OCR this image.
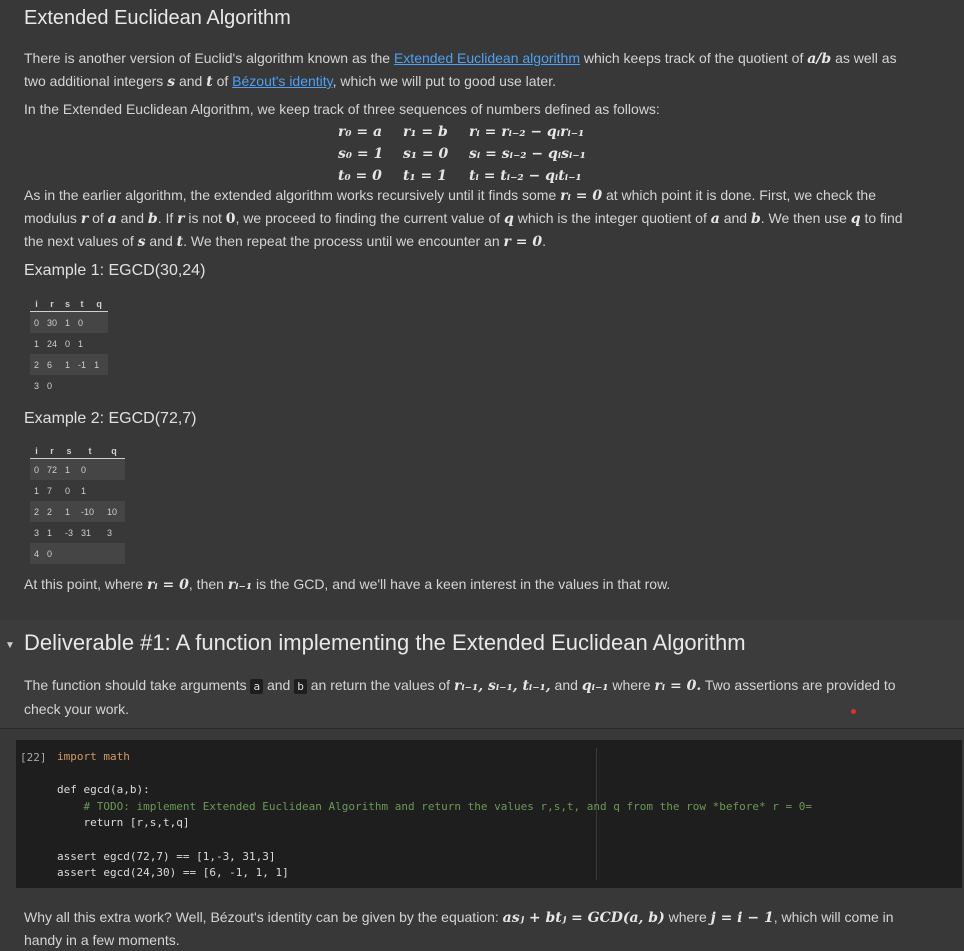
Extended Euclidean Algorithm
There is another version of Euclid's algorithm known as the Extended Euclidean algorithm which keeps track of the quotient of a/b as well as
two additional integers s and t of Bézout's identity, which we will put to good use later.
In the Extended Euclidean Algorithm, we keep track of three sequences of numbers defined as follows:
r₀ = a r₁ = b rᵢ = rᵢ₋₂ − qᵢrᵢ₋₁
s₀ = 1 s₁ = 0 sᵢ = sᵢ₋₂ − qᵢsᵢ₋₁
t₀ = 0 t₁ = 1 tᵢ = tᵢ₋₂ − qᵢtᵢ₋₁
As in the earlier algorithm, the extended algorithm works recursively until it finds some rᵢ = 0 at which point it is done. First, we check the
modulus r of a and b. If r is not 0, we proceed to finding the current value of q which is the integer quotient of a and b. We then use q to find
the next values of s and t. We then repeat the process until we encounter an r = 0.
Example 1: EGCD(30,24)
i	r	s	t	q
0	30	1	0	
1	24	0	1	
2	6	1	-1	1
3	0			
Example 2: EGCD(72,7)
i	r	s	t	q
0	72	1	0	
1	7	0	1	
2	2	1	-10	10
3	1	-3	31	3
4	0			
At this point, where rᵢ = 0, then rᵢ₋₁ is the GCD, and we'll have a keen interest in the values in that row.
▼ Deliverable #1: A function implementing the Extended Euclidean Algorithm
The function should take arguments a and b an return the values of rᵢ₋₁, sᵢ₋₁, tᵢ₋₁, and qᵢ₋₁ where rᵢ = 0. Two assertions are provided to
check your work.
[22] import math

def egcd(a,b):
# TODO: implement Extended Euclidean Algorithm and return the values r,s,t, and q from the row *before* r = 0=
return [r,s,t,q]

assert egcd(72,7) == [1,-3, 31,3]
assert egcd(24,30) == [6, -1, 1, 1]
Why all this extra work? Well, Bézout's identity can be given by the equation: asⱼ + btⱼ = GCD(a, b) where j = i − 1, which will come in
handy in a few moments.
